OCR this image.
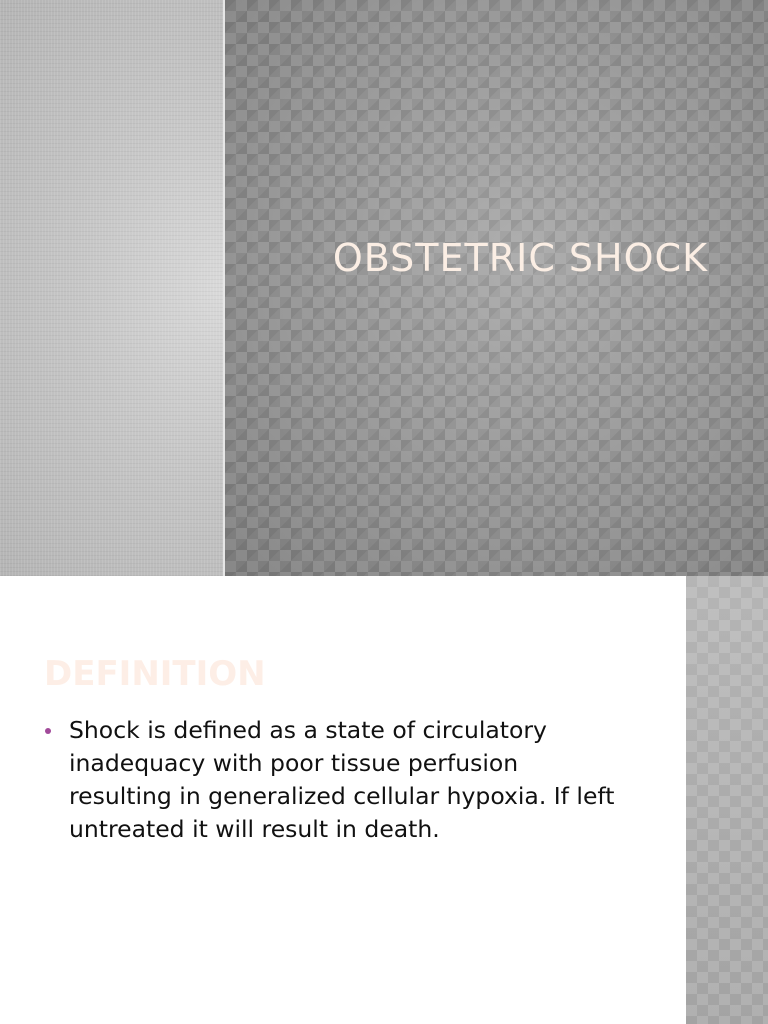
OBSTETRIC SHOCK
DEFINITION
Shock is defined as a state of circulatory inadequacy with poor tissue perfusion resulting in generalized cellular hypoxia. If left untreated it will result in death.
